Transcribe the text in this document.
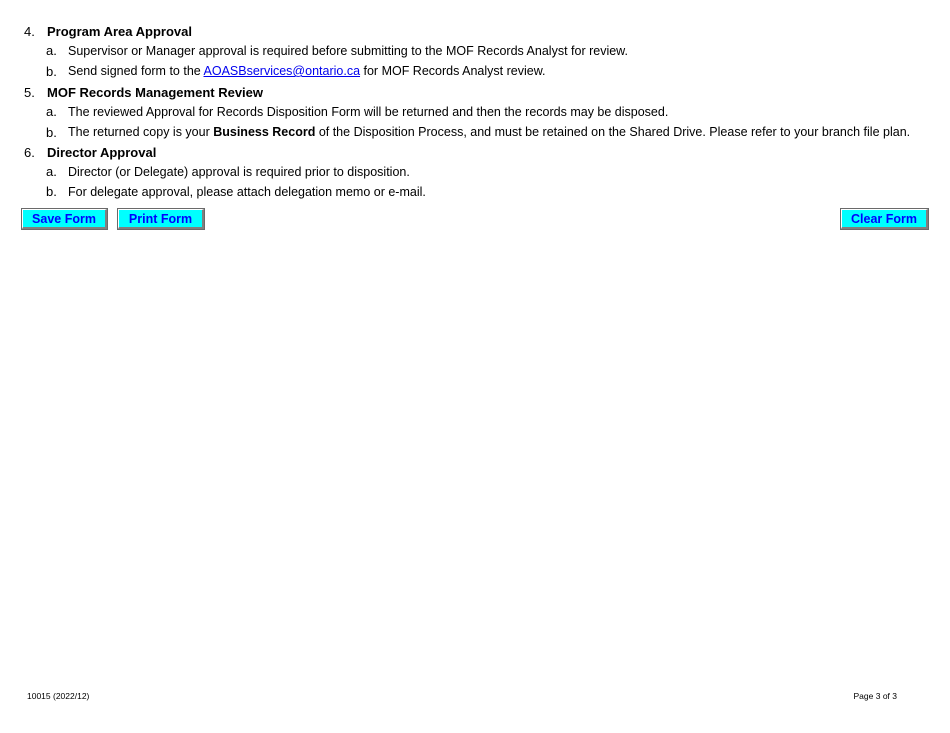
4. Program Area Approval
a. Supervisor or Manager approval is required before submitting to the MOF Records Analyst for review.
b. Send signed form to the AOASBservices@ontario.ca for MOF Records Analyst review.
5. MOF Records Management Review
a. The reviewed Approval for Records Disposition Form will be returned and then the records may be disposed.
b. The returned copy is your Business Record of the Disposition Process, and must be retained on the Shared Drive. Please refer to your branch file plan.
6. Director Approval
a. Director (or Delegate) approval is required prior to disposition.
b. For delegate approval, please attach delegation memo or e-mail.
Save Form	Print Form	Clear Form
10015 (2022/12)	Page 3 of 3
